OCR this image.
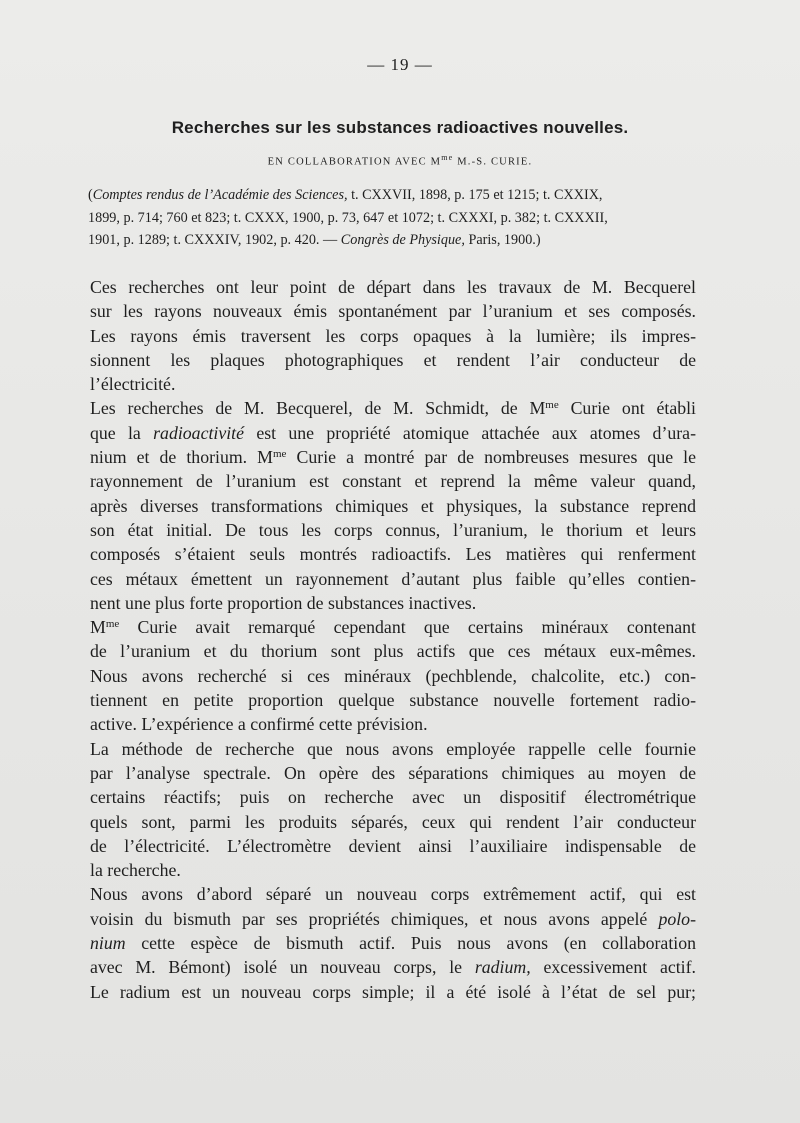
— 19 —
Recherches sur les substances radioactives nouvelles.
EN COLLABORATION AVEC $M^{me}$ M.-S. CURIE.
(Comptes rendus de l’Académie des Sciences, t. CXXVII, 1898, p. 175 et 1215; t. CXXIX,
1899, p. 714; 760 et 823; t. CXXX, 1900, p. 73, 647 et 1072; t. CXXXI, p. 382; t. CXXXII,
1901, p. 1289; t. CXXXIV, 1902, p. 420. — Congrès de Physique, Paris, 1900.)
Ces recherches ont leur point de départ dans les travaux de M. Becquerel
sur les rayons nouveaux émis spontanément par l’uranium et ses composés.
Les rayons émis traversent les corps opaques à la lumière; ils impres-
sionnent les plaques photographiques et rendent l’air conducteur de
l’électricité.
Les recherches de M. Becquerel, de M. Schmidt, de $M^{me}$ Curie ont établi
que la radioactivité est une propriété atomique attachée aux atomes d’ura-
nium et de thorium. $M^{me}$ Curie a montré par de nombreuses mesures que le
rayonnement de l’uranium est constant et reprend la même valeur quand,
après diverses transformations chimiques et physiques, la substance reprend
son état initial. De tous les corps connus, l’uranium, le thorium et leurs
composés s’étaient seuls montrés radioactifs. Les matières qui renferment
ces métaux émettent un rayonnement d’autant plus faible qu’elles contien-
nent une plus forte proportion de substances inactives.
$M^{me}$ Curie avait remarqué cependant que certains minéraux contenant
de l’uranium et du thorium sont plus actifs que ces métaux eux-mêmes.
Nous avons recherché si ces minéraux (pechblende, chalcolite, etc.) con-
tiennent en petite proportion quelque substance nouvelle fortement radio-
active. L’expérience a confirmé cette prévision.
La méthode de recherche que nous avons employée rappelle celle fournie
par l’analyse spectrale. On opère des séparations chimiques au moyen de
certains réactifs; puis on recherche avec un dispositif électrométrique
quels sont, parmi les produits séparés, ceux qui rendent l’air conducteur
de l’électricité. L’électromètre devient ainsi l’auxiliaire indispensable de
la recherche.
Nous avons d’abord séparé un nouveau corps extrêmement actif, qui est
voisin du bismuth par ses propriétés chimiques, et nous avons appelé polo-
nium cette espèce de bismuth actif. Puis nous avons (en collaboration
avec M. Bémont) isolé un nouveau corps, le radium, excessivement actif.
Le radium est un nouveau corps simple; il a été isolé à l’état de sel pur;
